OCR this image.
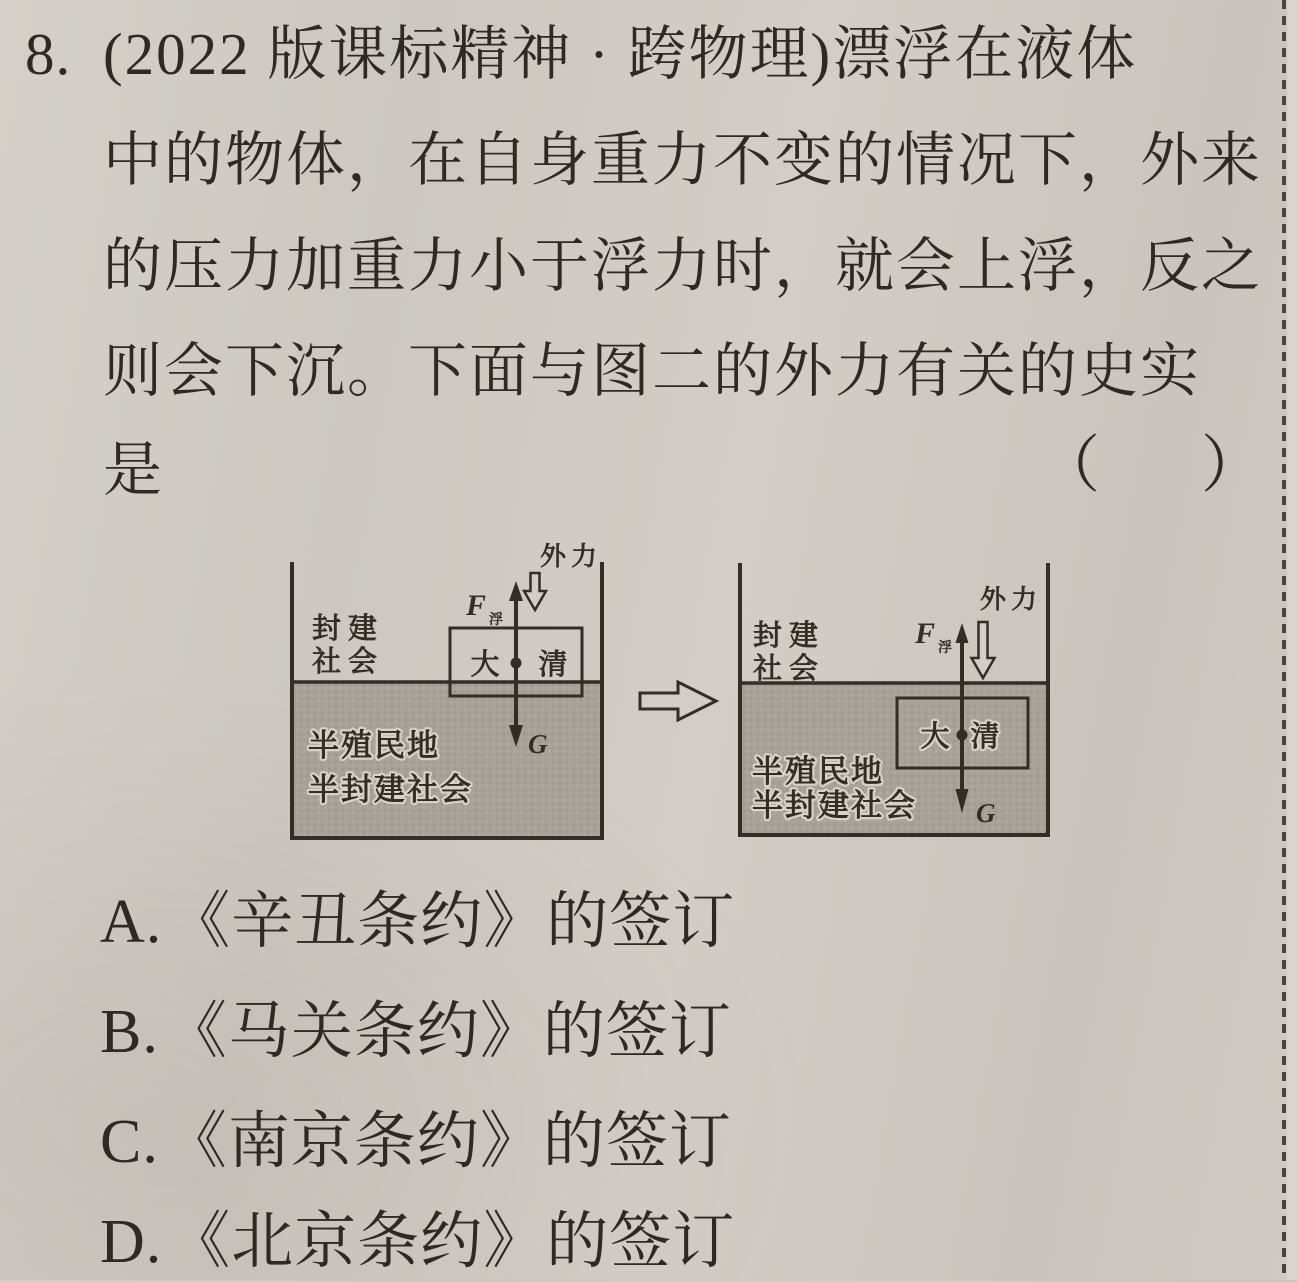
8. (2022 版课标精神 · 跨物理)漂浮在液体
中的物体，在自身重力不变的情况下，外来
的压力加重力小于浮力时，就会上浮，反之
则会下沉。下面与图二的外力有关的史实
是	（ ）
封建
社会
半殖民地
半封建社会
大 清
F 浮
外力
G
封建
社会
半殖民地
半封建社会
大 清
F 浮
外力
G
A.《辛丑条约》的签订
B.《马关条约》的签订
C.《南京条约》的签订
D.《北京条约》的签订
